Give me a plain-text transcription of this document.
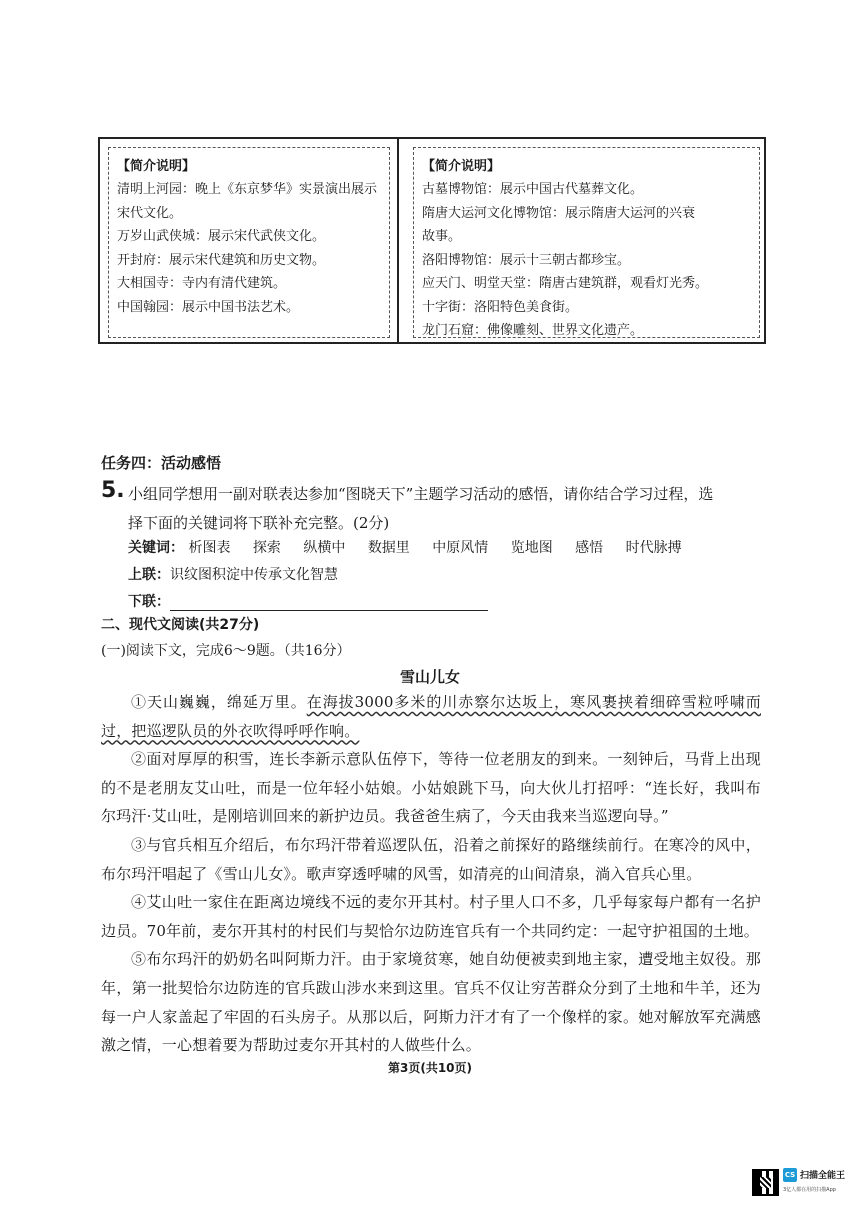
【简介说明】
清明上河园：晚上《东京梦华》实景演出展示
宋代文化。
万岁山武侠城：展示宋代武侠文化。
开封府：展示宋代建筑和历史文物。
大相国寺：寺内有清代建筑。
中国翰园：展示中国书法艺术。
【简介说明】
古墓博物馆：展示中国古代墓葬文化。
隋唐大运河文化博物馆：展示隋唐大运河的兴衰
故事。
洛阳博物馆：展示十三朝古都珍宝。
应天门、明堂天堂：隋唐古建筑群，观看灯光秀。
十字街：洛阳特色美食街。
龙门石窟：佛像雕刻、世界文化遗产。
任务四：活动感悟
5. 小组同学想用一副对联表达参加“图晓天下”主题学习活动的感悟，请你结合学习过程，选
择下面的关键词将下联补充完整。(2分)
关键词： 析图表 探索 纵横中 数据里 中原风情 览地图 感悟 时代脉搏
上联：识纹图积淀中传承文化智慧
下联：
二、现代文阅读(共27分)
(一)阅读下文，完成6～9题。（共16分）
雪山儿女

①天山巍巍，绵延万里。在海拔3000多米的川赤察尔达坂上，寒风裹挟着细碎雪粒呼啸而过，把巡逻队员的外衣吹得呼呼作响。

②面对厚厚的积雪，连长李新示意队伍停下，等待一位老朋友的到来。一刻钟后，马背上出现的不是老朋友艾山吐，而是一位年轻小姑娘。小姑娘跳下马，向大伙儿打招呼：“连长好，我叫布尔玛汗·艾山吐，是刚培训回来的新护边员。我爸爸生病了，今天由我来当巡逻向导。”

③与官兵相互介绍后，布尔玛汗带着巡逻队伍，沿着之前探好的路继续前行。在寒冷的风中，布尔玛汗唱起了《雪山儿女》。歌声穿透呼啸的风雪，如清亮的山间清泉，淌入官兵心里。

④艾山吐一家住在距离边境线不远的麦尔开其村。村子里人口不多，几乎每家每户都有一名护边员。70年前，麦尔开其村的村民们与契恰尔边防连官兵有一个共同约定：一起守护祖国的土地。

⑤布尔玛汗的奶奶名叫阿斯力汗。由于家境贫寒，她自幼便被卖到地主家，遭受地主奴役。那年，第一批契恰尔边防连的官兵跋山涉水来到这里。官兵不仅让穷苦群众分到了土地和牛羊，还为每一户人家盖起了牢固的石头房子。从那以后，阿斯力汗才有了一个像样的家。她对解放军充满感激之情，一心想着要为帮助过麦尔开其村的人做些什么。

第3页(共10页)
CS 扫描全能王
3亿人都在用的扫描App
